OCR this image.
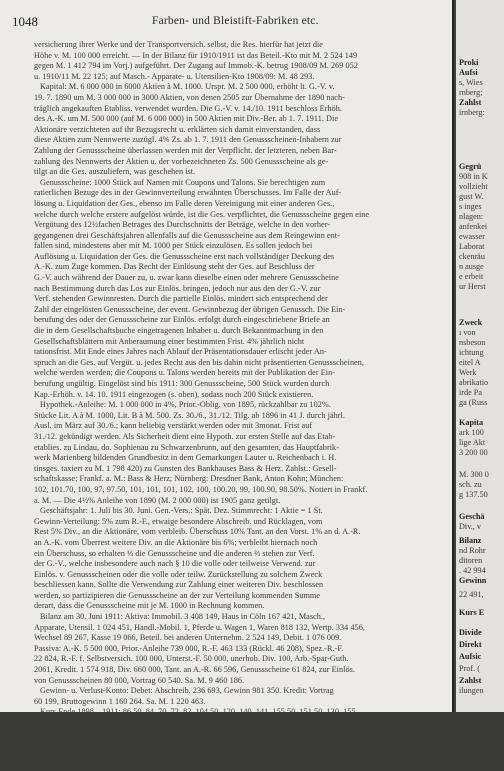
1048	Farben- und Bleistift-Fabriken etc.
versicherung ihrer Werke und der Transportversich. selbst, die Res. hierfür hat jetzt die
Höhe v. M. 100 000 erreicht. — In der Bilanz für 1910/1911 ist das Beteil.-Kto mit M. 2 524 149
gegen M. 1 412 794 im Vorj.) aufgeführt. Der Zugang auf Immob.-K. betrug 1908/09 M. 269 052
u. 1910/11 M. 22 125; auf Masch.- Apparate- u. Utensilien-Kto 1908/09: M. 48 293.
Kapital: M. 6 000 000 in 6000 Aktien à M. 1000. Urspr. M. 2 500 000, erhöht lt. G.-V. v.
19. 7. 1890 um M. 3 000 000 in 3000 Aktien, von denen 2505 zur Übernahme der 1890 nach-
träglich angekauften Etabliss. verwendet wurden. Die G.-V. v. 14./10. 1911 beschloss Erhöh.
des A.-K. um M. 500 000 (auf M. 6 000 000) in 500 Aktien mit Div.-Ber. ab 1. 7. 1911. Die
Aktionäre verzichteten auf ihr Bezugsrecht u. erklärten sich damit einverstanden, dass
diese Aktien zum Nennwerte zuzügl. 4% Zs. ab 1. 7. 1911 den Genussscheinen-Inhabern zur
Zahlung der Genussscheine überlassen werden mit der Verpflicht. der letzteren, neben Bar-
zahlung des Nennwerts der Aktien u. der vorbezeichneten Zs. 500 Genussscheine als ge-
tilgt an die Ges. auszuliefern, was geschehen ist.
Genussscheine: 1000 Stück auf Namen mit Coupons und Talons. Sie berechtigen zum
ratierlichen Bezuge des in der Gewinnverteilung erwähnten Überschusses. Im Falle der Auf-
lösung u. Liquidation der Ges., ebenso im Falle deren Vereinigung mit einer anderen Ges.,
welche durch welche erstere aufgelöst würde, ist die Ges. verpflichtet, die Genussscheine gegen eine
Vergütung des 12½fachen Betrages des Durchschnitts der Beträge, welche in den vorher-
gegangenen drei Geschäftsjahren allenfalls auf die Genussscheine aus dem Reingewinn ent-
fallen sind, mindestens aber mit M. 1000 per Stück einzulösen. Es sollen jedoch bei
Auflösung u. Liquidation der Ges. die Genussscheine erst nach vollständiger Deckung des
A.-K. zum Zuge kommen. Das Recht der Einlösung steht der Ges. auf Beschluss der
G.-V. auch während der Dauer zu, u. zwar kann dieselbe einen oder mehrere Genussscheine
nach Bestimmung durch das Los zur Einlös. bringen, jedoch nur aus den der G.-V. zur
Verf. stehenden Gewinnresten. Durch die partielle Einlös. mindert sich entsprechend der
Zahl der eingelösten Genussscheine, der event. Gewinnbezug der übrigen Genussch. Die Ein-
berufung des oder der Genussscheine zur Einlös. erfolgt durch eingeschriebene Briefe an
die in dem Gesellschaftsbuche eingetragenen Inhaber u. durch Bekanntmachung in den
Gesellschaftsblättern mit Anberaumung einer bestimmten Frist. 4% jährlich nicht
tationsfrist. Mit Ende eines Jahres nach Ablauf der Präsentationsdauer erlischt jeder An-
spruch an die Ges. auf Vergüt. u. jedes Recht aus den bis dahin nicht präsentierten Genussscheinen,
welche werden werden; die Coupons u. Talons werden bereits mit der Publikation der Ein-
berufung ungültig. Eingelöst sind bis 1911: 300 Genussscheine, 500 Stück wurden durch
Kap.-Erhöh. v. 14. 10. 1911 eingezogen (s. oben), sodass noch 200 Stück existieren.
Hypothek.-Anleihe: M. 1 000 000 in 4%, Prior.-Oblig. von 1895, rückzahlbar zu 102%.
Stücke Lit. A à M. 1000, Lit. B à M. 500. Zs. 30./6., 31./12. Tilg. ab 1896 in 41 J. durch jährl.
Ausl. im März auf 30./6.; kann beliebig verstärkt werden oder mit 3monat. Frist auf
31./12. gekündigt werden. Als Sicherheit dient eine Hypoth. zur ersten Stelle auf das Etab-
etablies. zu Lindau, do. Sophienau zu Schwarzenbrunn, auf den gesamten, das Hauptfabrik-
werk Marienberg bildenden Grundbesitz in dem Gemarkungen Lauter u. Reichenbach i. H.
tinsges. taxiert zu M. 1 798 420) zu Gunsten des Bankhauses Bass & Herz. Zahlst.: Gesell-
schaftskasse; Frankf. a. M.: Bass & Herz; Nürnberg: Dresdner Bank, Anton Kohn; München:
102, 101.70, 100, 97, 97.50, 101, 101, 101, 102, 100, 100.20, 99, 100.90, 98.50%. Notiert in Frankf.
a. M. — Die 4½% Anleihe von 1890 (M. 2 000 000) ist 1905 ganz getilgt.
Geschäftsjahr: 1. Juli bis 30. Juni. Gen.-Vers.: Spät. Dez. Stimmrecht: 1 Aktie = 1 St.
Gewinn-Verteilung: 5% zum R.-F., etwaige besondere Abschreib. und Rücklagen, vom
Rest 5% Div., an die Aktionäre, vom verbleib. Überschuss 10% Tant. an den Vorst. 1% an d. A.-R.
an A.-K. vom Überrest weitere Div. an die Aktionäre bis 6%; verbleibt hiernach noch
ein Überschuss, so erhalten ⅓ die Genussscheine und die anderen ⅔ stehen zur Verf.
der G.-V., welche insbesondere auch nach § 10 die volle oder teilweise Verwend. zur
Einlös. v. Genussscheinen oder die volle oder teilw. Zurückstellung zu solchem Zweck
beschliessen kann. Sollte die Verwendung zur Zahlung einer weiteren Div. beschlossen
werden, so partizipieren die Genussscheine an der zur Verteilung kommenden Summe
derart, dass die Genussscheine mit je M. 1000 in Rechnung kommen.
Bilanz am 30. Juni 1911: Aktiva: Immobil. 3 408 149, Haus in Cöln 167 421, Masch.,
Apparate, Utensil. 1 024 451, Handl.-Mobil. 1, Pferde u. Wagen 1, Waren 818 132, Wertp. 334 456,
Wechsel 89 267, Kasse 19 066, Beteil. bei anderen Unternehm. 2 524 149, Debit. 1 076 009.
Passiva: A.-K. 5 500 000, Prior.-Anleihe 739 000, R.-F. 463 133 (Rückl. 46 208), Spez.-R.-F.
22 824, R.-F. f. Selbstversich. 100 000, Unterst.-F. 50 000, unerhob. Div. 100, Arb.-Spar-Guth.
2061, Kredit. 1 574 918, Div. 660 000, Tant. an A.-R. 66 596, Genussscheine 61 824, zur Einlös.
von Genussscheinen 80 000, Vortrag 60 540. Sa. M. 9 460 186.
Gewinn- u. Verlust-Konto: Debet: Abschreib. 236 693, Gewinn 981 350. Kredit: Vortrag
60 199, Bruttogewinn 1 160 264. Sa. M. 1 220 463.
Kurs Ende 1898—1911: 86.50, 84, 70, 72, 82, 104.50, 120, 140, 141, 155.50, 151.50, 130, 155,
173, 228.75%. Eingef. im Jan. 1898. Notiert in Frankf. a. M.
Dividenden: Aktien 1890/91—1910/11: 6, 0, 0, 2, 4, 5, 5, 5, 5, 5, 5, 5, 5, 6, 7, 8, 10, 10,
10, 10, 12%. Genussscheine 1906 10—1910/11: Zus. M 29 180, 61 824. Coup.-Verj.: 4 J. (F.)
Direktion: Kommerz.-Rat Carl Leverkus, Leverkusen; Dr. J. von Hoermann, Hannover;
Carl Jul. Leverkus, Cöln; Chem. Alfr. Leverkus, Leverkusen; Arth. Leverkus, Cöln.
Proki
Aufsi
s, Wies
rnberg;
Zahlst
irnberg:
Gegrü
908 in K
vollzieht
gust W.
s inges
nlagen:
anfenkei
ewasser
Laborat
ckenräu
n ausge
e erbeit
ur Herst
Zweck
ı von
nsbeson
ichtung
eitel A
Werk
abrikatio
irde Pa
ga (Russ
Kapita
ark 100
lige Akt
3 200 00
M. 300 0
sch. zu
g 137.50
Geschä
Div., v
Bilanz
nd Rohr
ditoren
. 42 994
Gewinn
22 491,
Kurs E
Divide
Direkt
Aufsic
Prof. (
Zahlst
ilungen
